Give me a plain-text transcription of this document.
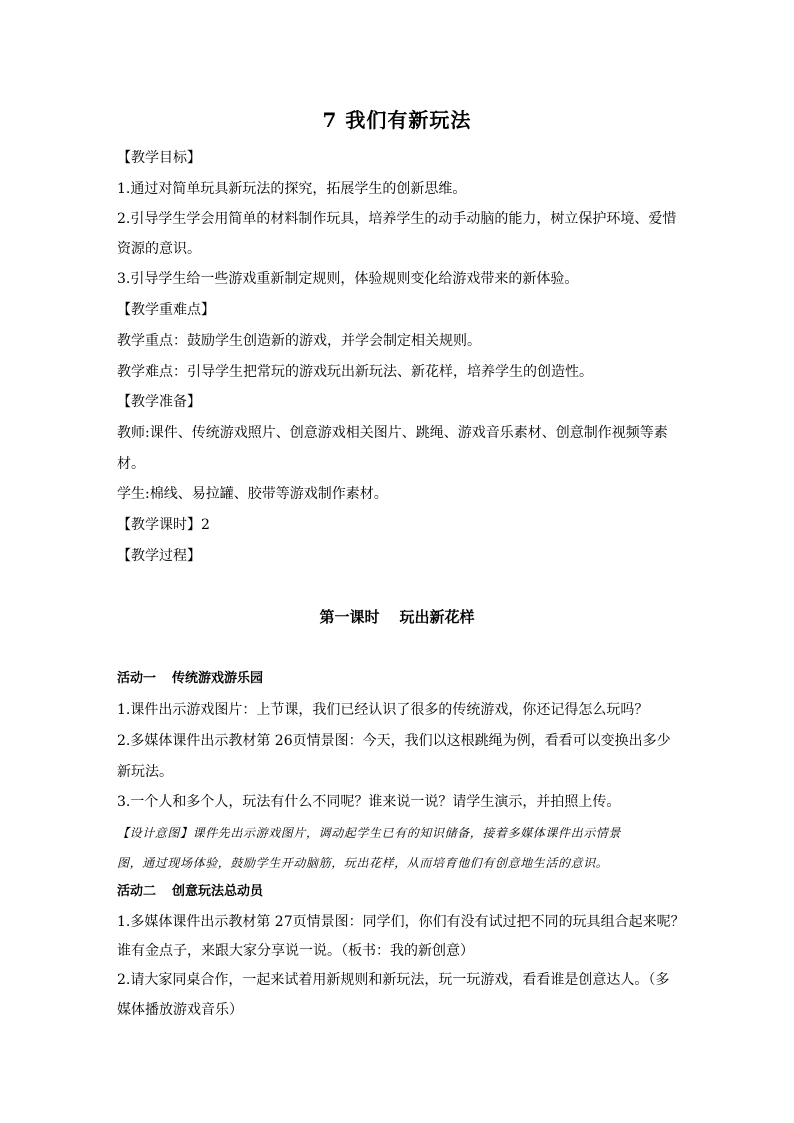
7 我们有新玩法
【教学目标】
1.通过对简单玩具新玩法的探究，拓展学生的创新思维。
2.引导学生学会用简单的材料制作玩具，培养学生的动手动脑的能力，树立保护环境、爱惜
资源的意识。
3.引导学生给一些游戏重新制定规则，体验规则变化给游戏带来的新体验。
【教学重难点】
教学重点：鼓励学生创造新的游戏，并学会制定相关规则。
教学难点：引导学生把常玩的游戏玩出新玩法、新花样，培养学生的创造性。
【教学准备】
教师:课件、传统游戏照片、创意游戏相关图片、跳绳、游戏音乐素材、创意制作视频等素
材。
学生:棉线、易拉罐、胶带等游戏制作素材。
【教学课时】2
【教学过程】
第一课时 玩出新花样
活动一 传统游戏游乐园
1.课件出示游戏图片：上节课，我们已经认识了很多的传统游戏，你还记得怎么玩吗？
2.多媒体课件出示教材第 26页情景图：今天，我们以这根跳绳为例，看看可以变换出多少
新玩法。
3.一个人和多个人，玩法有什么不同呢？谁来说一说？请学生演示，并拍照上传。
【设计意图】课件先出示游戏图片，调动起学生已有的知识储备，接着多媒体课件出示情景
图，通过现场体验，鼓励学生开动脑筋，玩出花样，从而培育他们有创意地生活的意识。
活动二 创意玩法总动员
1.多媒体课件出示教材第 27页情景图：同学们，你们有没有试过把不同的玩具组合起来呢？
谁有金点子，来跟大家分享说一说。（板书：我的新创意）
2.请大家同桌合作，一起来试着用新规则和新玩法，玩一玩游戏，看看谁是创意达人。（多
媒体播放游戏音乐）
